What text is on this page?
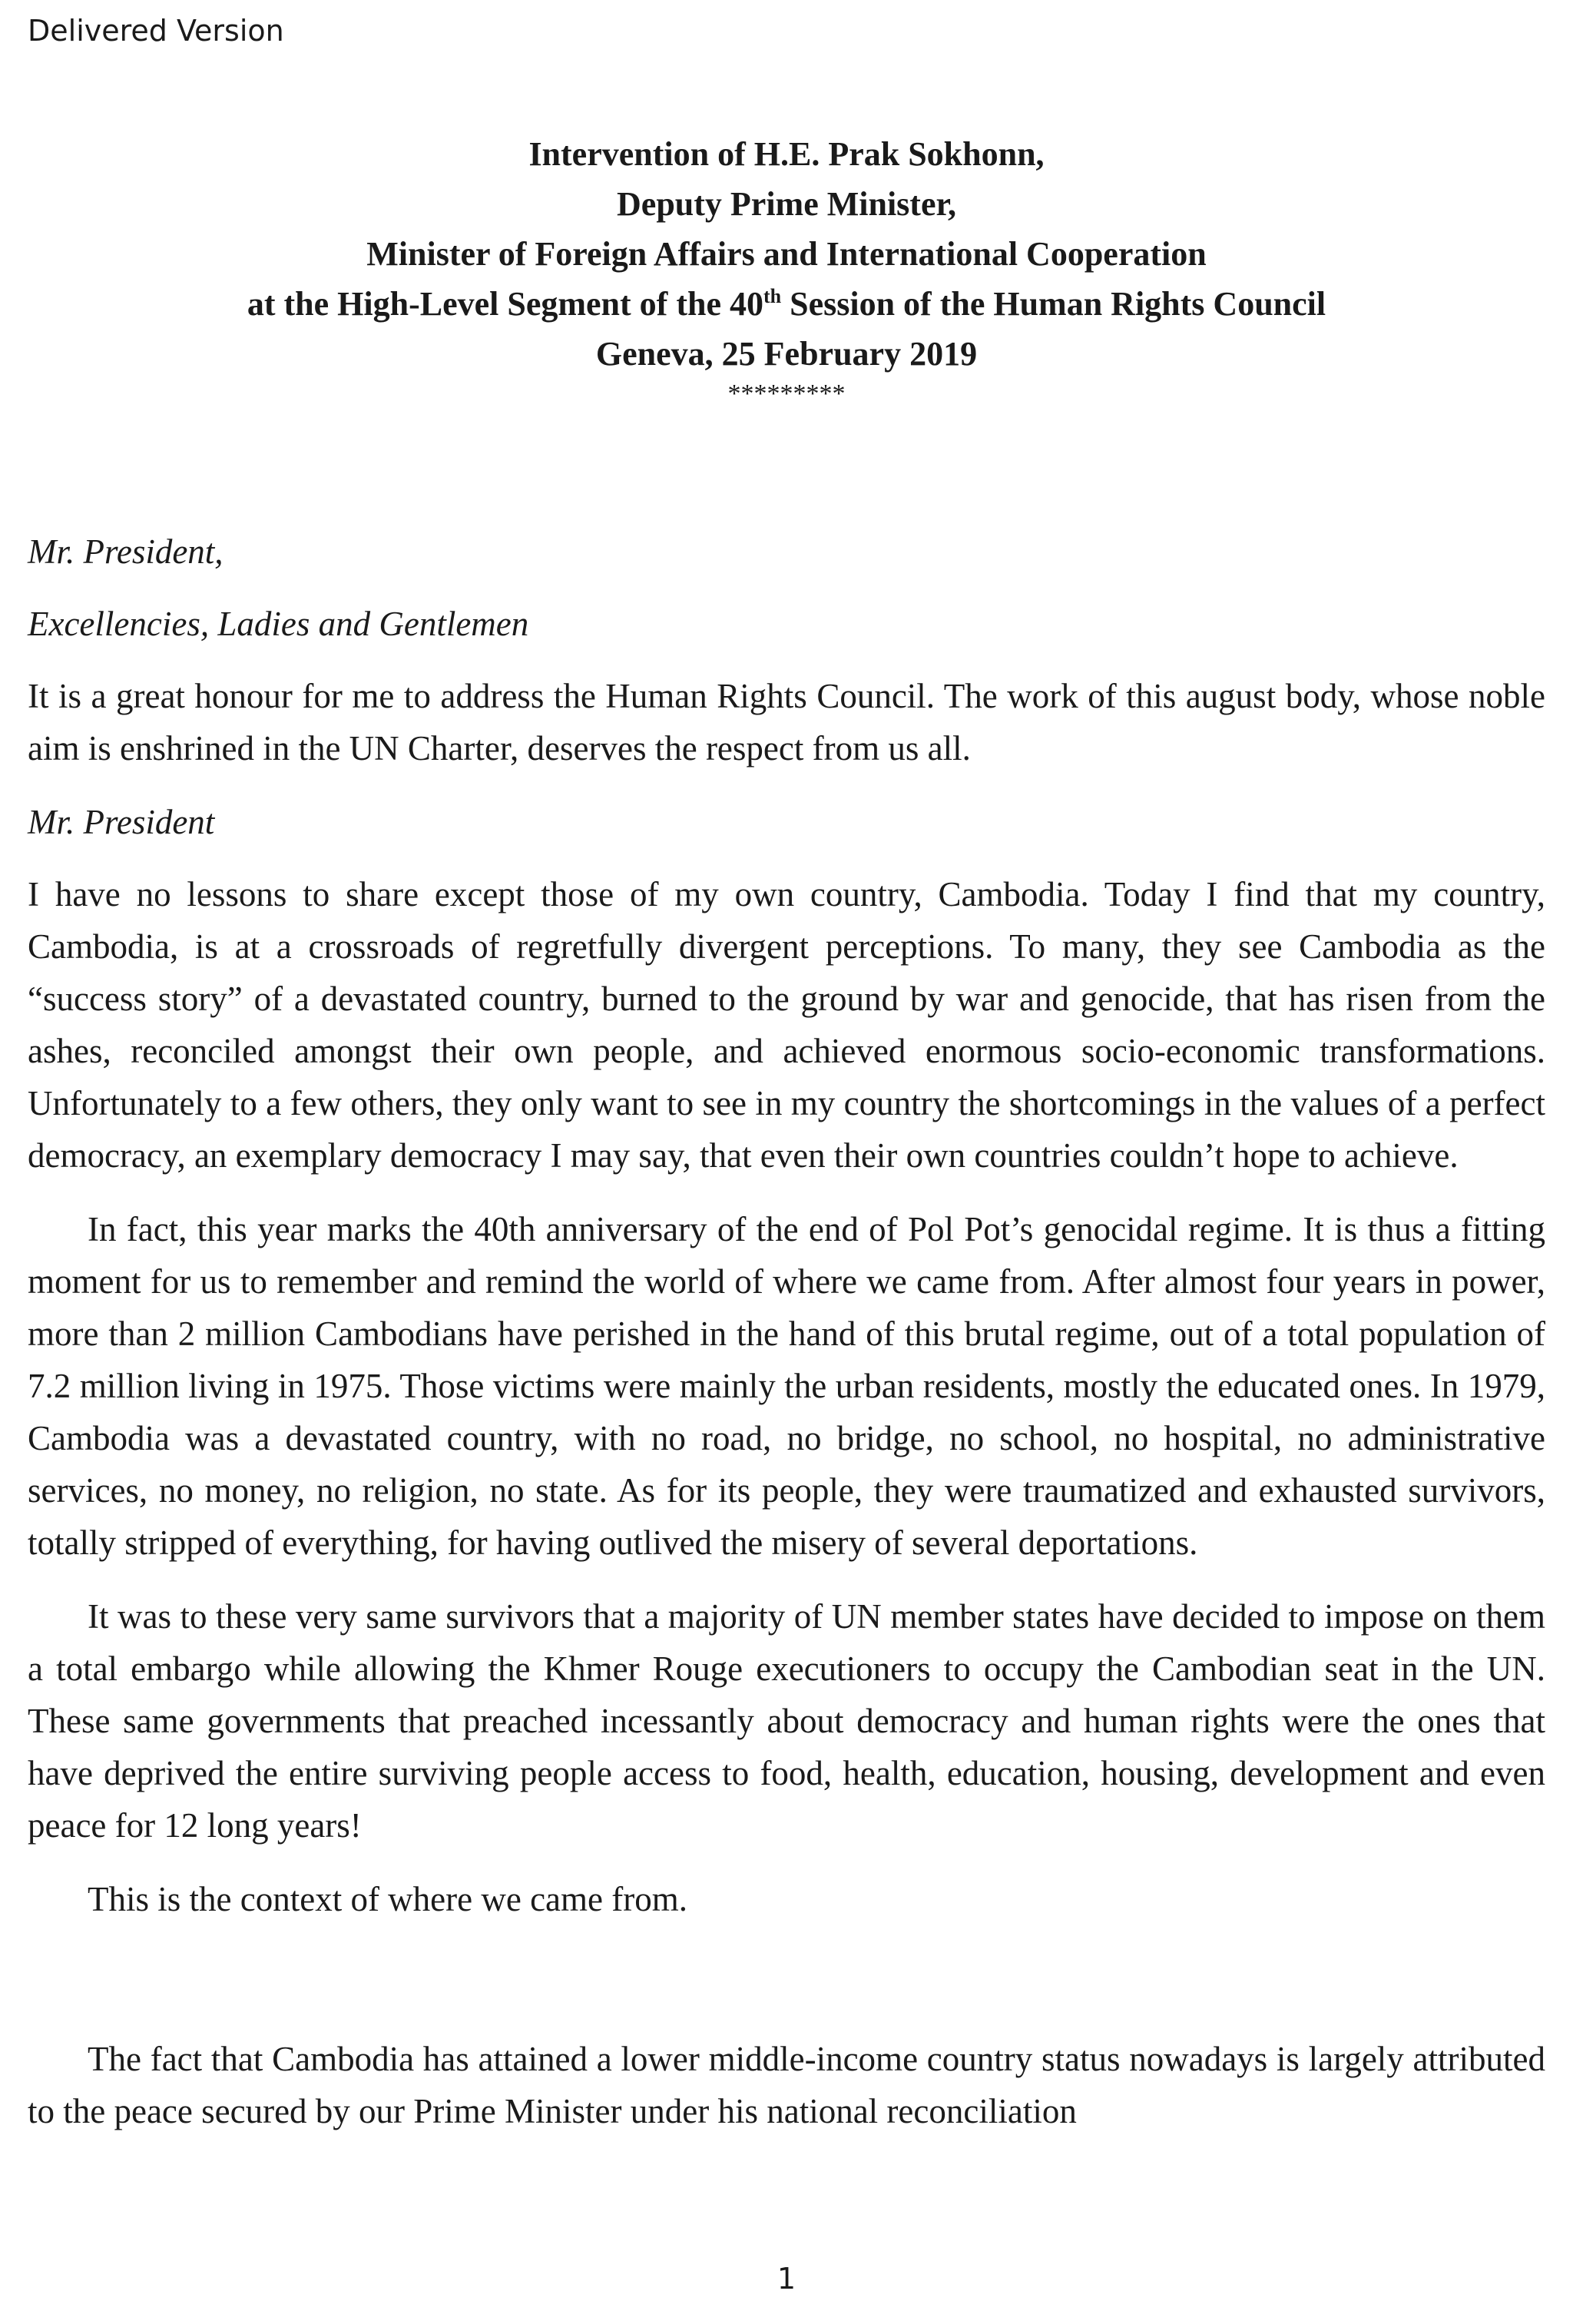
Delivered Version
Intervention of H.E. Prak Sokhonn,
Deputy Prime Minister,
Minister of Foreign Affairs and International Cooperation
at the High-Level Segment of the 40th Session of the Human Rights Council
Geneva, 25 February 2019
*********

Mr. President,

Excellencies, Ladies and Gentlemen

It is a great honour for me to address the Human Rights Council. The work of this august body, whose noble aim is enshrined in the UN Charter, deserves the respect from us all.

Mr. President

I have no lessons to share except those of my own country, Cambodia. Today I find that my country, Cambodia, is at a crossroads of regretfully divergent perceptions. To many, they see Cambodia as the “success story” of a devastated country, burned to the ground by war and genocide, that has risen from the ashes, reconciled amongst their own people, and achieved enormous socio-economic transformations. Unfortunately to a few others, they only want to see in my country the shortcomings in the values of a perfect democracy, an exemplary democracy I may say, that even their own countries couldn’t hope to achieve.

In fact, this year marks the 40th anniversary of the end of Pol Pot’s genocidal regime. It is thus a fitting moment for us to remember and remind the world of where we came from. After almost four years in power, more than 2 million Cambodians have perished in the hand of this brutal regime, out of a total population of 7.2 million living in 1975. Those victims were mainly the urban residents, mostly the educated ones. In 1979, Cambodia was a devastated country, with no road, no bridge, no school, no hospital, no administrative services, no money, no religion, no state. As for its people, they were traumatized and exhausted survivors, totally stripped of everything, for having outlived the misery of several deportations.

It was to these very same survivors that a majority of UN member states have decided to impose on them a total embargo while allowing the Khmer Rouge executioners to occupy the Cambodian seat in the UN. These same governments that preached incessantly about democracy and human rights were the ones that have deprived the entire surviving people access to food, health, education, housing, development and even peace for 12 long years!

This is the context of where we came from.

The fact that Cambodia has attained a lower middle-income country status nowadays is largely attributed to the peace secured by our Prime Minister under his national reconciliation

1
